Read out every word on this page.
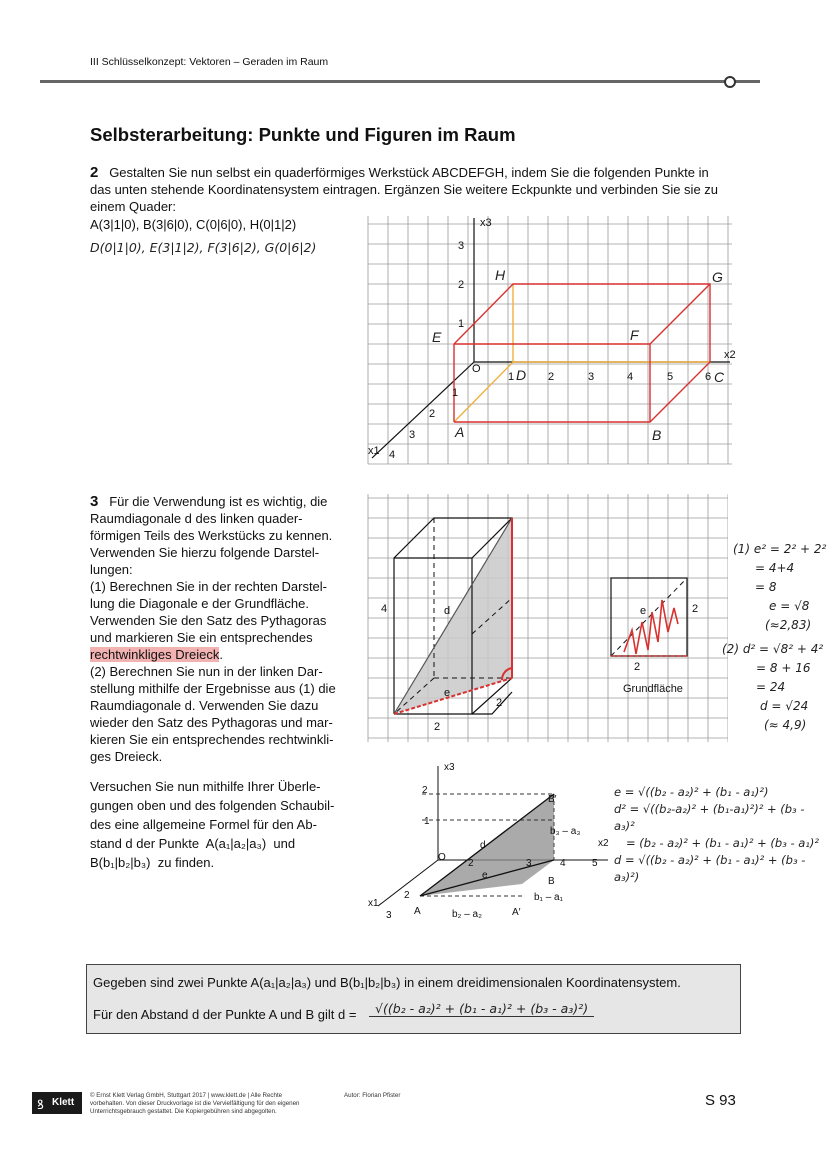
III Schlüsselkonzept: Vektoren – Geraden im Raum
Selbsterarbeitung: Punkte und Figuren im Raum
2 Gestalten Sie nun selbst ein quaderförmiges Werkstück ABCDEFGH, indem Sie die folgenden Punkte in
das unten stehende Koordinatensystem eintragen. Ergänzen Sie weitere Eckpunkte und verbinden Sie sie zu
einem Quader:
A(3|1|0), B(3|6|0), C(0|6|0), H(0|1|2)
D(0|1|0), E(3|1|2), F(3|6|2), G(0|6|2)
x3
x2
x1
O
1
2
3
1	2	3	4	5	6
1
2
3
4
A	B
C
D
E	F
G
H
3 Für die Verwendung ist es wichtig, die
Raumdiagonale d des linken quader-
förmigen Teils des Werkstücks zu kennen.
Verwenden Sie hierzu folgende Darstel-
lungen:
(1) Berechnen Sie in der rechten Darstel-
lung die Diagonale e der Grundfläche.
Verwenden Sie den Satz des Pythagoras
und markieren Sie ein entsprechendes
rechtwinkliges Dreieck.
(2) Berechnen Sie nun in der linken Dar-
stellung mithilfe der Ergebnisse aus (1) die
Raumdiagonale d. Verwenden Sie dazu
wieder den Satz des Pythagoras und mar-
kieren Sie ein entsprechendes rechtwinkli-
ges Dreieck.
Versuchen Sie nun mithilfe Ihrer Überle-
gungen oben und des folgenden Schaubil-
des eine allgemeine Formel für den Ab-
stand d der Punkte A(a₁|a₂|a₃) und
B(b₁|b₂|b₃) zu finden.
4	d
e
2
2
e	2
2
Grundfläche
(1) e² = 2² + 2²
= 4+4
= 8
e = √8
(≈2,83)
(2) d² = √8² + 4²
= 8 + 16
= 24
d = √24
(≈ 4,9)
x3
x2
x1
O
2
1
2	3	4	5
2
3 A	A′
B
B′
d
e
b₃ – a₃
b₁ – a₁
b₂ – a₂
e = √((b₂ - a₂)² + (b₁ - a₁)²)
d² = √((b₂-a₂)² + (b₁-a₁)²)² + (b₃ - a₃)²
= (b₂ - a₂)² + (b₁ - a₁)² + (b₃ - a₁)²
d = √((b₂ - a₂)² + (b₁ - a₁)² + (b₃ - a₃)²)
Gegeben sind zwei Punkte A(a₁|a₂|a₃) und B(b₁|b₂|b₃) in einem dreidimensionalen Koordinatensystem.
Für den Abstand d der Punkte A und B gilt d =	√((b₂ - a₂)² + (b₁ - a₁)² + (b₃ - a₃)²)
ꝸ Klett
© Ernst Klett Verlag GmbH, Stuttgart 2017 | www.klett.de | Alle Rechte
vorbehalten. Von dieser Druckvorlage ist die Vervielfältigung für den eigenen
Unterrichtsgebrauch gestattet. Die Kopiergebühren sind abgegolten.
Autor: Florian Pfister	S 93
